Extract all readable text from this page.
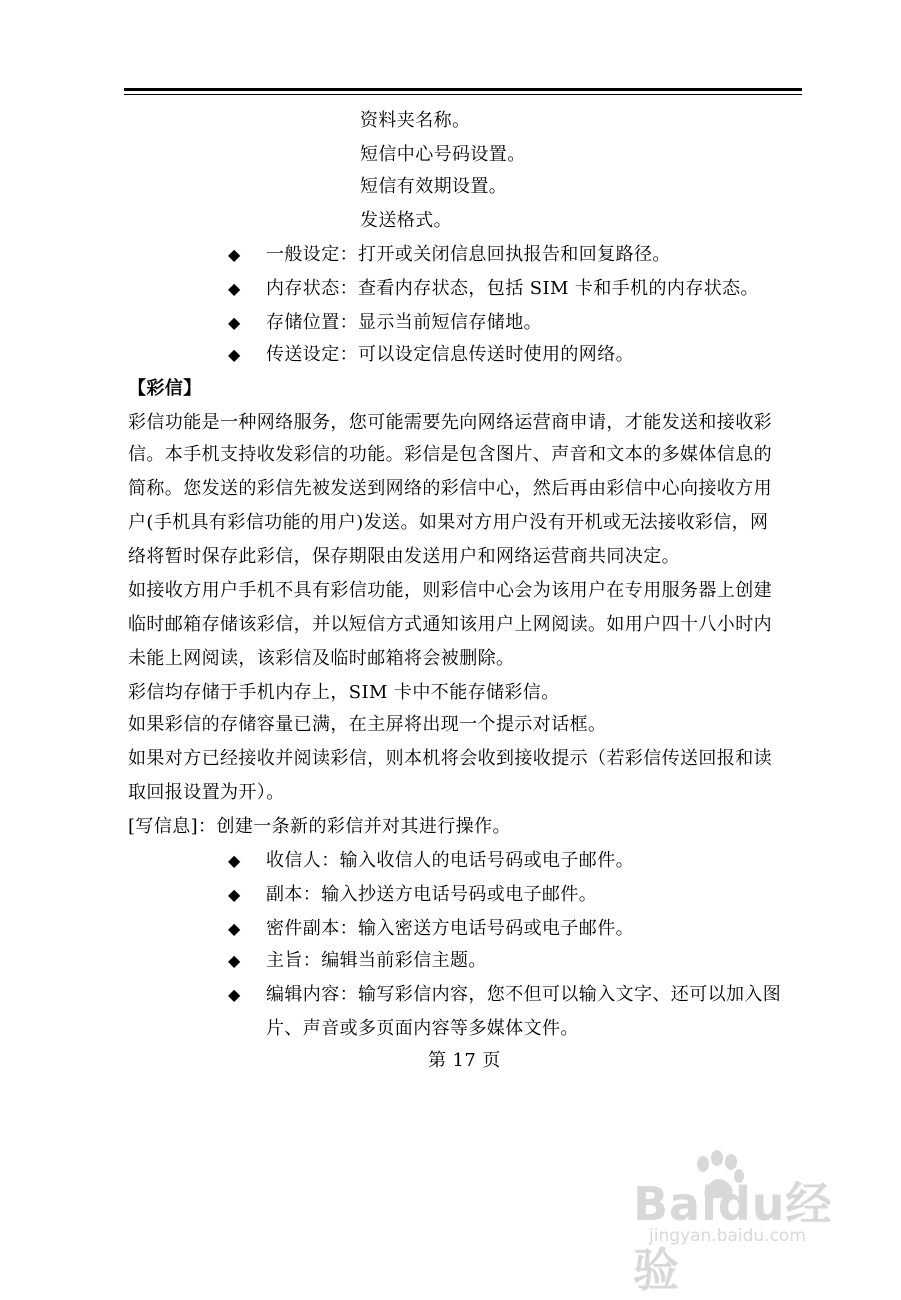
资料夹名称。
短信中心号码设置。
短信有效期设置。
发送格式。
◆ 一般设定：打开或关闭信息回执报告和回复路径。
◆ 内存状态：查看内存状态，包括 SIM 卡和手机的内存状态。
◆ 存储位置：显示当前短信存储地。
◆ 传送设定：可以设定信息传送时使用的网络。
【彩信】
彩信功能是一种网络服务，您可能需要先向网络运营商申请，才能发送和接收彩
信。本手机支持收发彩信的功能。彩信是包含图片、声音和文本的多媒体信息的
简称。您发送的彩信先被发送到网络的彩信中心，然后再由彩信中心向接收方用
户(手机具有彩信功能的用户)发送。如果对方用户没有开机或无法接收彩信，网
络将暂时保存此彩信，保存期限由发送用户和网络运营商共同决定。
如接收方用户手机不具有彩信功能，则彩信中心会为该用户在专用服务器上创建
临时邮箱存储该彩信，并以短信方式通知该用户上网阅读。如用户四十八小时内
未能上网阅读，该彩信及临时邮箱将会被删除。
彩信均存储于手机内存上，SIM 卡中不能存储彩信。
如果彩信的存储容量已满，在主屏将出现一个提示对话框。
如果对方已经接收并阅读彩信，则本机将会收到接收提示（若彩信传送回报和读
取回报设置为开）。
[写信息]：创建一条新的彩信并对其进行操作。
◆ 收信人：输入收信人的电话号码或电子邮件。
◆ 副本：输入抄送方电话号码或电子邮件。
◆ 密件副本：输入密送方电话号码或电子邮件。
◆ 主旨：编辑当前彩信主题。
◆ 编辑内容：输写彩信内容，您不但可以输入文字、还可以加入图
片、声音或多页面内容等多媒体文件。
第 17 页
Baidu经验
jingyan.baidu.com
